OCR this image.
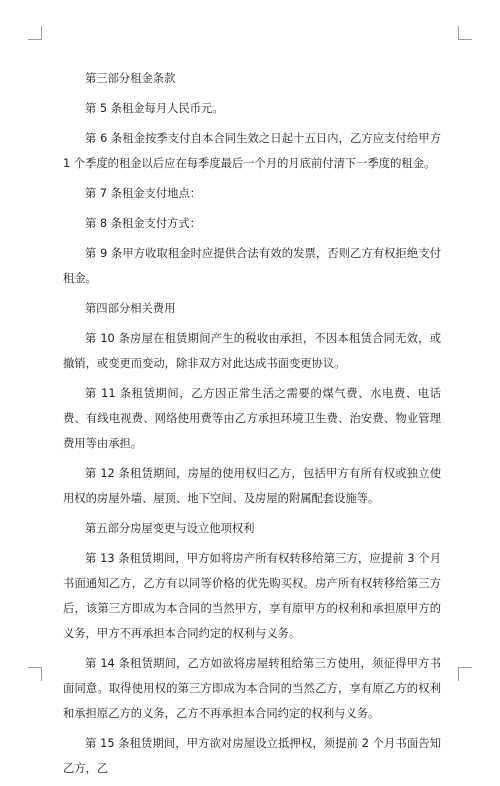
第三部分租金条款

第 5 条租金每月人民币元。

第 6 条租金按季支付自本合同生效之日起十五日内，乙方应支付给甲方 1 个季度的租金以后应在每季度最后一个月的月底前付清下一季度的租金。

第 7 条租金支付地点：

第 8 条租金支付方式：

第 9 条甲方收取租金时应提供合法有效的发票，否则乙方有权拒绝支付租金。

第四部分相关费用

第 10 条房屋在租赁期间产生的税收由承担，不因本租赁合同无效，或撤销，或变更而变动，除非双方对此达成书面变更协议。

第 11 条租赁期间，乙方因正常生活之需要的煤气费、水电费、电话费、有线电视费、网络使用费等由乙方承担环境卫生费、治安费、物业管理费用等由承担。

第 12 条租赁期间，房屋的使用权归乙方，包括甲方有所有权或独立使用权的房屋外墙、屋顶、地下空间、及房屋的附属配套设施等。

第五部分房屋变更与设立他项权利

第 13 条租赁期间，甲方如将房产所有权转移给第三方，应提前 3 个月书面通知乙方，乙方有以同等价格的优先购买权。房产所有权转移给第三方后，该第三方即成为本合同的当然甲方，享有原甲方的权利和承担原甲方的义务，甲方不再承担本合同约定的权利与义务。

第 14 条租赁期间，乙方如欲将房屋转租给第三方使用，须征得甲方书面同意。取得使用权的第三方即成为本合同的当然乙方，享有原乙方的权利和承担原乙方的义务，乙方不再承担本合同约定的权利与义务。

第 15 条租赁期间，甲方欲对房屋设立抵押权，须提前 2 个月书面告知乙方，乙
